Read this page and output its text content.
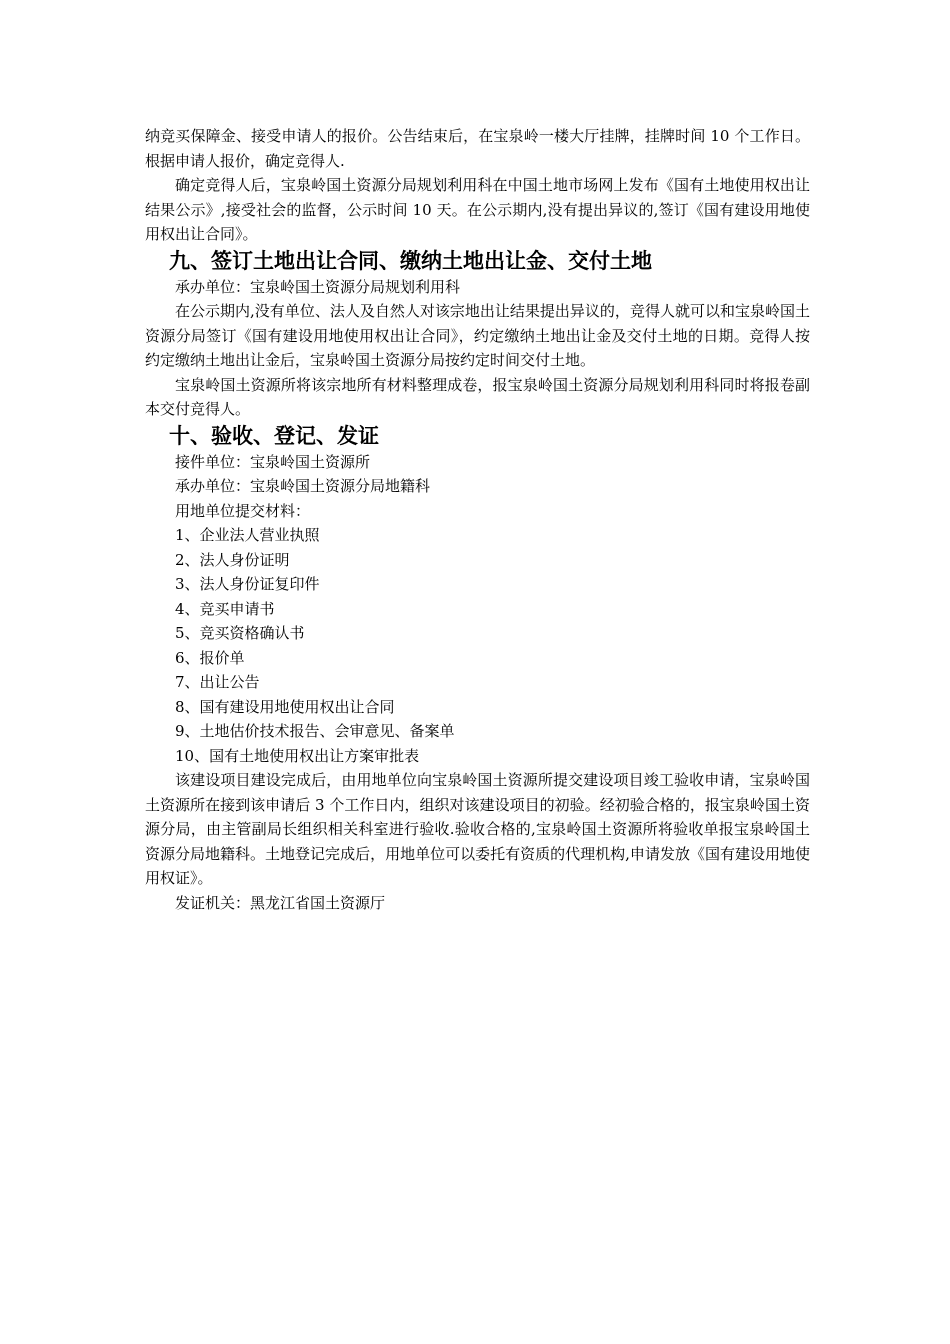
纳竞买保障金、接受申请人的报价。公告结束后，在宝泉岭一楼大厅挂牌，挂牌时间 10 个工作日。根据申请人报价，确定竞得人.

确定竞得人后，宝泉岭国土资源分局规划利用科在中国土地市场网上发布《国有土地使用权出让结果公示》,接受社会的监督，公示时间 10 天。在公示期内,没有提出异议的,签订《国有建设用地使用权出让合同》。

九、签订土地出让合同、缴纳土地出让金、交付土地

承办单位：宝泉岭国土资源分局规划利用科

在公示期内,没有单位、法人及自然人对该宗地出让结果提出异议的，竞得人就可以和宝泉岭国土资源分局签订《国有建设用地使用权出让合同》，约定缴纳土地出让金及交付土地的日期。竞得人按约定缴纳土地出让金后，宝泉岭国土资源分局按约定时间交付土地。

宝泉岭国土资源所将该宗地所有材料整理成卷，报宝泉岭国土资源分局规划利用科同时将报卷副本交付竞得人。

十、验收、登记、发证

接件单位：宝泉岭国土资源所

承办单位：宝泉岭国土资源分局地籍科

用地单位提交材料：

1、企业法人营业执照

2、法人身份证明

3、法人身份证复印件

4、竞买申请书

5、竞买资格确认书

6、报价单

7、出让公告

8、国有建设用地使用权出让合同

9、土地估价技术报告、会审意见、备案单

10、国有土地使用权出让方案审批表

该建设项目建设完成后，由用地单位向宝泉岭国土资源所提交建设项目竣工验收申请，宝泉岭国土资源所在接到该申请后 3 个工作日内，组织对该建设项目的初验。经初验合格的，报宝泉岭国土资源分局，由主管副局长组织相关科室进行验收.验收合格的,宝泉岭国土资源所将验收单报宝泉岭国土资源分局地籍科。土地登记完成后，用地单位可以委托有资质的代理机构,申请发放《国有建设用地使用权证》。

发证机关：黑龙江省国土资源厅
